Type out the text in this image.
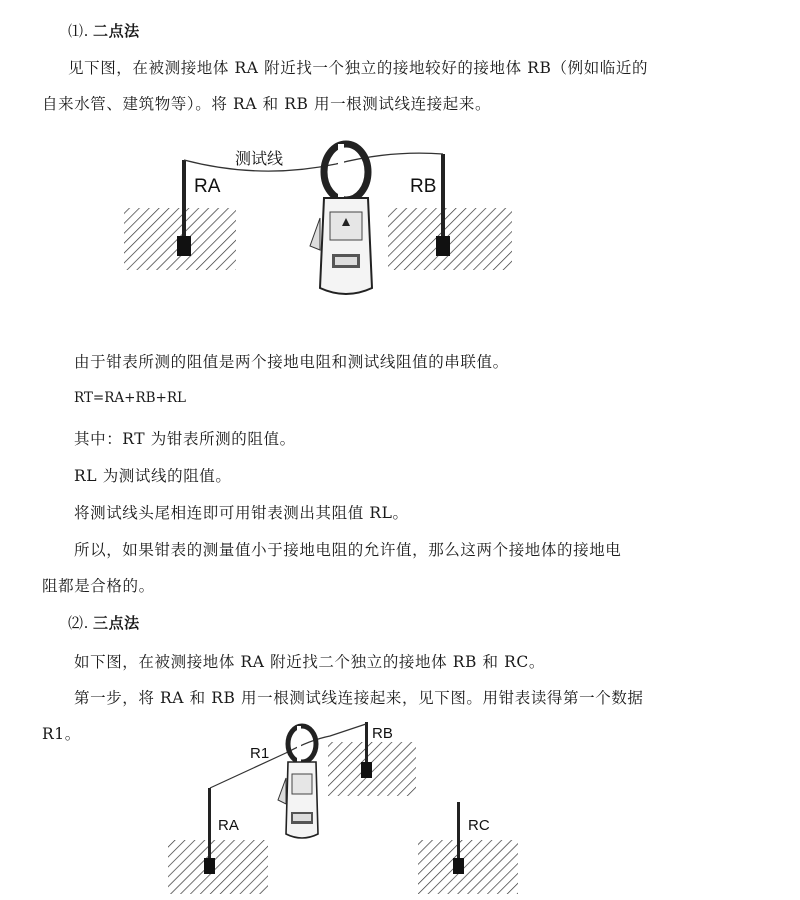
⑴. 二点法
见下图，在被测接地体 RA 附近找一个独立的接地较好的接地体 RB（例如临近的
自来水管、建筑物等）。将 RA 和 RB 用一根测试线连接起来。
测试线
RA	RB
由于钳表所测的阻值是两个接地电阻和测试线阻值的串联值。
RT=RA+RB+RL
其中：RT 为钳表所测的阻值。
RL 为测试线的阻值。
将测试线头尾相连即可用钳表测出其阻值 RL。
所以，如果钳表的测量值小于接地电阻的允许值，那么这两个接地体的接地电
阻都是合格的。
⑵. 三点法
如下图，在被测接地体 RA 附近找二个独立的接地体 RB 和 RC。
第一步，将 RA 和 RB 用一根测试线连接起来，见下图。用钳表读得第一个数据
R1。
R1
RB
RA	RC
